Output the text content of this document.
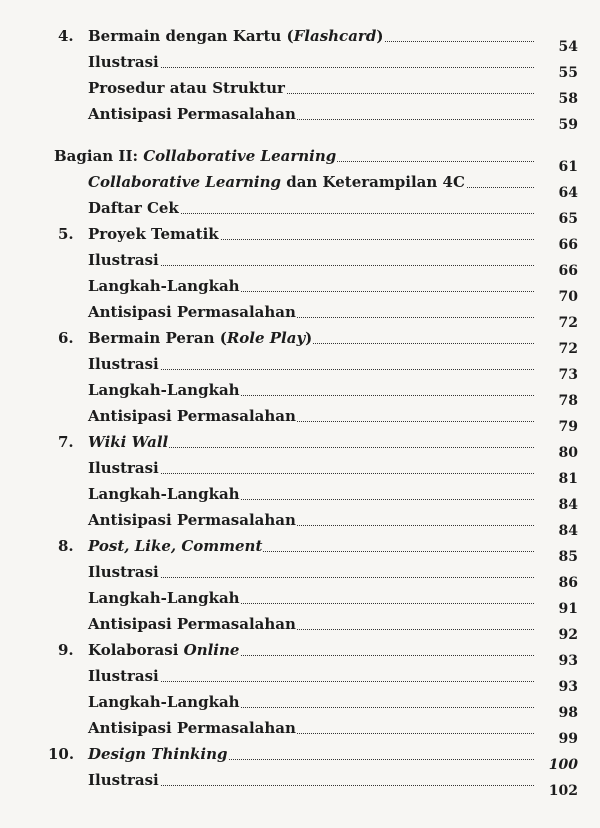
4. Bermain dengan Kartu (Flashcard)
54
Ilustrasi
55
Prosedur atau Struktur
58
Antisipasi Permasalahan
59
Bagian II: Collaborative Learning
61
Collaborative Learning dan Keterampilan 4C
64
Daftar Cek
65
5. Proyek Tematik
66
Ilustrasi
66
Langkah-Langkah
70
Antisipasi Permasalahan
72
6. Bermain Peran (Role Play)
72
Ilustrasi
73
Langkah-Langkah
78
Antisipasi Permasalahan
79
7. Wiki Wall
80
Ilustrasi
81
Langkah-Langkah
84
Antisipasi Permasalahan
84
8. Post, Like, Comment
85
Ilustrasi
86
Langkah-Langkah
91
Antisipasi Permasalahan
92
9. Kolaborasi Online
93
Ilustrasi
93
Langkah-Langkah
98
Antisipasi Permasalahan
99
10. Design Thinking
100
Ilustrasi
102
